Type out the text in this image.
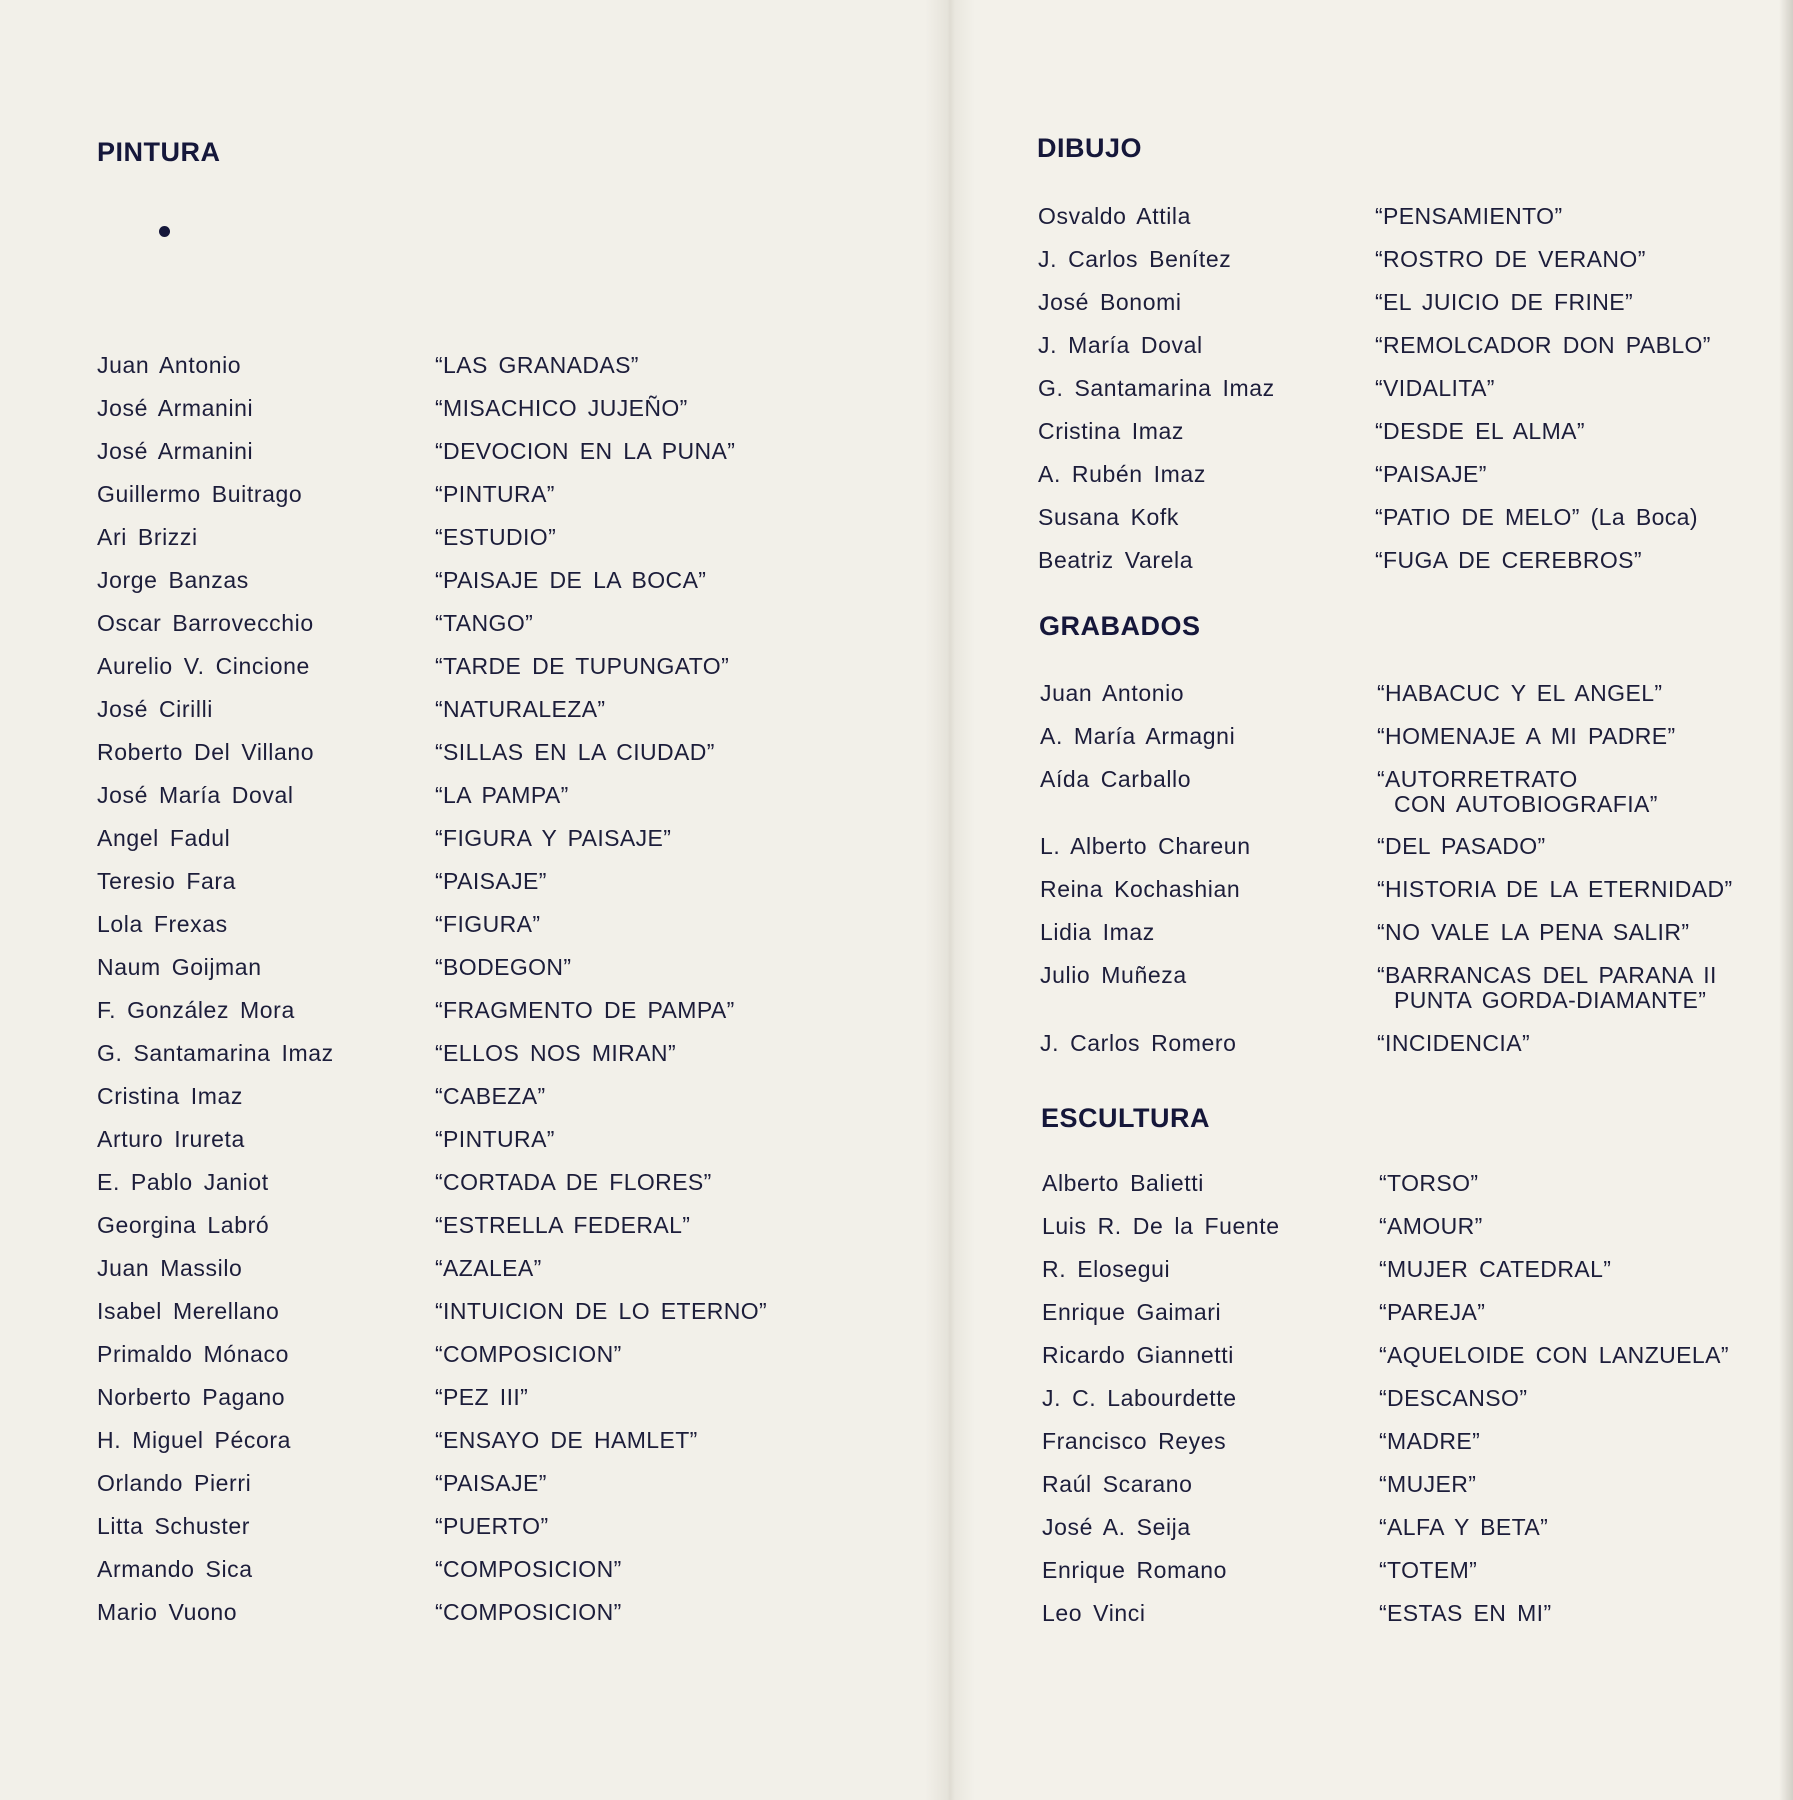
PINTURA
Juan Antonio	“LAS GRANADAS”
José Armanini	“MISACHICO JUJEÑO”
José Armanini	“DEVOCION EN LA PUNA”
Guillermo Buitrago	“PINTURA”
Ari Brizzi	“ESTUDIO”
Jorge Banzas	“PAISAJE DE LA BOCA”
Oscar Barrovecchio	“TANGO”
Aurelio V. Cincione	“TARDE DE TUPUNGATO”
José Cirilli	“NATURALEZA”
Roberto Del Villano	“SILLAS EN LA CIUDAD”
José María Doval	“LA PAMPA”
Angel Fadul	“FIGURA Y PAISAJE”
Teresio Fara	“PAISAJE”
Lola Frexas	“FIGURA”
Naum Goijman	“BODEGON”
F. González Mora	“FRAGMENTO DE PAMPA”
G. Santamarina Imaz	“ELLOS NOS MIRAN”
Cristina Imaz	“CABEZA”
Arturo Irureta	“PINTURA”
E. Pablo Janiot	“CORTADA DE FLORES”
Georgina Labró	“ESTRELLA FEDERAL”
Juan Massilo	“AZALEA”
Isabel Merellano	“INTUICION DE LO ETERNO”
Primaldo Mónaco	“COMPOSICION”
Norberto Pagano	“PEZ III”
H. Miguel Pécora	“ENSAYO DE HAMLET”
Orlando Pierri	“PAISAJE”
Litta Schuster	“PUERTO”
Armando Sica	“COMPOSICION”
Mario Vuono	“COMPOSICION”
DIBUJO
Osvaldo Attila	“PENSAMIENTO”
J. Carlos Benítez	“ROSTRO DE VERANO”
José Bonomi	“EL JUICIO DE FRINE”
J. María Doval	“REMOLCADOR DON PABLO”
G. Santamarina Imaz	“VIDALITA”
Cristina Imaz	“DESDE EL ALMA”
A. Rubén Imaz	“PAISAJE”
Susana Kofk	“PATIO DE MELO” (La Boca)
Beatriz Varela	“FUGA DE CEREBROS”
GRABADOS
Juan Antonio	“HABACUC Y EL ANGEL”
A. María Armagni	“HOMENAJE A MI PADRE”
Aída Carballo	“AUTORRETRATO
CON AUTOBIOGRAFIA”
L. Alberto Chareun	“DEL PASADO”
Reina Kochashian	“HISTORIA DE LA ETERNIDAD”
Lidia Imaz	“NO VALE LA PENA SALIR”
Julio Muñeza	“BARRANCAS DEL PARANA II
PUNTA GORDA-DIAMANTE”
J. Carlos Romero	“INCIDENCIA”
ESCULTURA
Alberto Balietti	“TORSO”
Luis R. De la Fuente	“AMOUR”
R. Elosegui	“MUJER CATEDRAL”
Enrique Gaimari	“PAREJA”
Ricardo Giannetti	“AQUELOIDE CON LANZUELA”
J. C. Labourdette	“DESCANSO”
Francisco Reyes	“MADRE”
Raúl Scarano	“MUJER”
José A. Seija	“ALFA Y BETA”
Enrique Romano	“TOTEM”
Leo Vinci	“ESTAS EN MI”
